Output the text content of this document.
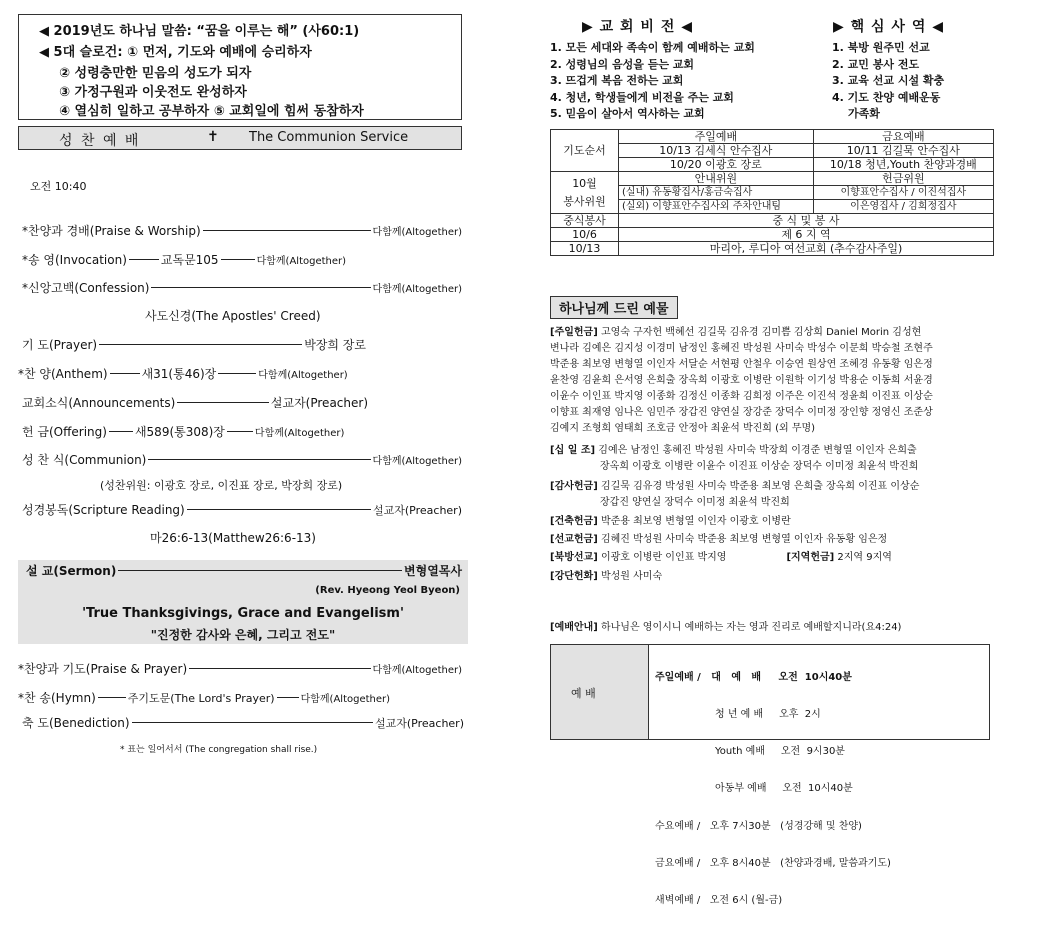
◀ 2019년도 하나님 말씀: “꿈을 이루는 해” (사60:1)
◀ 5대 슬로건: ① 먼저, 기도와 예배에 승리하자
② 성령충만한 믿음의 성도가 되자
③ 가정구원과 이웃전도 완성하자
④ 열심히 일하고 공부하자 ⑤ 교회일에 힘써 동참하자
성 찬 예 배	✝ The Communion Service
오전 10:40
*찬양과 경배(Praise & Worship)	다함께(Altogether)
*송 영(Invocation)	교독문105	다함께(Altogether)
*신앙고백(Confession)	다함께(Altogether)
사도신경(The Apostles' Creed)
기 도(Prayer)	박장희 장로
*찬 양(Anthem)	새31(통46)장	다함께(Altogether)
교회소식(Announcements)	설교자(Preacher)
헌 금(Offering) 새589(통308)장	다함께(Altogether)
성 찬 식(Communion)	다함께(Altogether)
(성찬위원: 이광호 장로, 이진표 장로, 박장희 장로)
성경봉독(Scripture Reading)	설교자(Preacher)
마26:6-13(Matthew26:6-13)
설 교(Sermon)	변형열목사
(Rev. Hyeong Yeol Byeon)
'True Thanksgivings, Grace and Evangelism'
"진정한 감사와 은혜, 그리고 전도"
*찬양과 기도(Praise & Prayer)	다함께(Altogether)
*찬 송(Hymn)	주기도문(The Lord's Prayer)	다함께(Altogether)
축 도(Benediction)	설교자(Preacher)
* 표는 일어서서 (The congregation shall rise.)
▶ 교 회 비 전 ◀
1. 모든 세대와 족속이 함께 예배하는 교회
2. 성령님의 음성을 듣는 교회
3. 뜨겁게 복음 전하는 교회
4. 청년, 학생들에게 비전을 주는 교회
5. 믿음이 살아서 역사하는 교회
▶ 핵 심 사 역 ◀
1. 북방 원주민 선교
2. 교민 봉사 전도
3. 교육 선교 시설 확충
4. 기도 찬양 예배운동
가족화
기도순서	주일예배	금요예배
	10/13 김세식 안수집사	10/11 김길묵 안수집사
	10/20 이광호 장로	10/18 청년,Youth 찬양과경배

10월
봉사위원	안내위원	헌금위원
	(실내) 유동황집사/홍금숙집사	이향표안수집사 / 이진석집사
	(실외) 이향표안수집사외 주차안내팀	이은영집사 / 김희정집사
중식봉사	중 식 및 봉 사	
10/6	제 6 지 역	
10/13	마리아, 루디아 여선교회 (추수감사주일)	
하나님께 드린 예물
[주일헌금] 고영숙 구자헌 백혜선 김길묵 김유경 김미쁨 김상희 Daniel Morin 김성현
변나라 김예은 김지성 이경미 남정인 홍혜진 박성원 사미숙 박성수 이문희 박승철 조현주
박준용 최보영 변형열 이인자 서달순 서현평 안철우 이승연 원상연 조혜경 유동황 임은정
윤찬영 김윤희 은서영 은희출 장옥희 이광호 이병란 이원학 이기성 박용순 이동희 서윤경
이윤수 이인표 박지영 이종화 김정신 이종화 김희정 이주은 이진석 정윤희 이진표 이상순
이향표 최재영 임나은 임민주 장갑진 양연실 장강준 장덕수 이미정 장인향 정영신 조준상
김예지 조형희 염태희 조호금 안정아 최윤석 박진희 (외 무명)
[십 일 조] 김예은 남정인 홍혜진 박성원 사미숙 박장희 이경준 변형열 이인자 은희출
장옥희 이광호 이병란 이윤수 이진표 이상순 장덕수 이미정 최윤석 박진희
[감사헌금] 김길묵 김유경 박성원 사미숙 박준용 최보영 은희출 장옥희 이진표 이상순
장갑진 양연실 장덕수 이미정 최윤석 박진희
[건축헌금] 박준용 최보영 변형열 이인자 이광호 이병란
[선교헌금] 김혜진 박성원 사미숙 박준용 최보영 변형열 이인자 유동황 임은정
[북방선교] 이광호 이병란 이인표 박지영	[지역헌금] 2지역 9지역
[강단헌화] 박성원 사미숙
[예배안내] 하나님은 영이시니 예배하는 자는 영과 진리로 예배할지니라(요4:24)
예 배

주일예배 /   대   예   배     오전  10시40분

청 년 예 배     오후  2시

Youth 예배     오전  9시30분

아동부 예배     오전  10시40분

수요예배 /   오후 7시30분   (성경강해 및 찬양)

금요예배 /   오후 8시40분   (찬양과경배, 말씀과기도)

새벽예배 /   오전 6시 (월-금)
